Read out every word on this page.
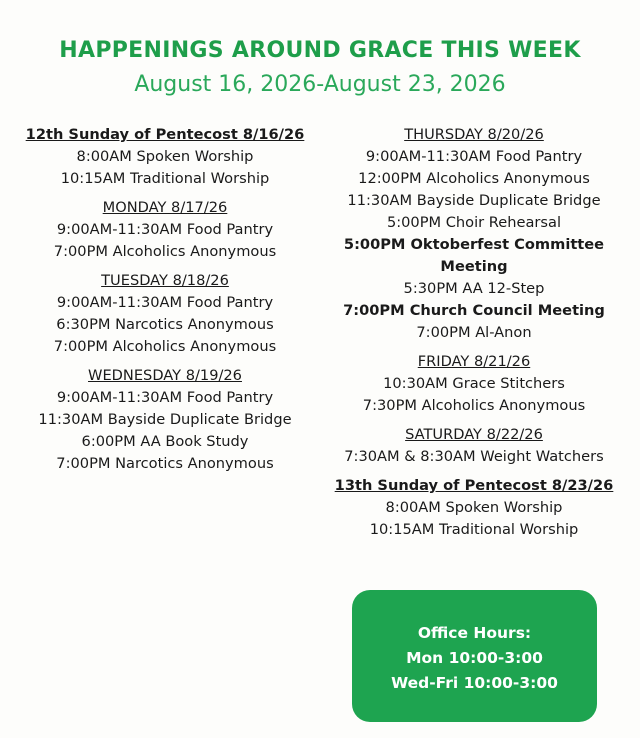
HAPPENINGS AROUND GRACE THIS WEEK
August 16, 2026-August 23, 2026
12th Sunday of Pentecost 8/16/26
8:00AM Spoken Worship
10:15AM Traditional Worship
MONDAY 8/17/26
9:00AM-11:30AM Food Pantry
7:00PM Alcoholics Anonymous
TUESDAY 8/18/26
9:00AM-11:30AM Food Pantry
6:30PM Narcotics Anonymous
7:00PM Alcoholics Anonymous
WEDNESDAY 8/19/26
9:00AM-11:30AM Food Pantry
11:30AM Bayside Duplicate Bridge
6:00PM AA Book Study
7:00PM Narcotics Anonymous
THURSDAY 8/20/26
9:00AM-11:30AM Food Pantry
12:00PM Alcoholics Anonymous
11:30AM Bayside Duplicate Bridge
5:00PM Choir Rehearsal
5:00PM Oktoberfest Committee Meeting
5:30PM AA 12-Step
7:00PM Church Council Meeting
7:00PM Al-Anon
FRIDAY 8/21/26
10:30AM Grace Stitchers
7:30PM Alcoholics Anonymous
SATURDAY 8/22/26
7:30AM & 8:30AM Weight Watchers
13th Sunday of Pentecost 8/23/26
8:00AM Spoken Worship
10:15AM Traditional Worship
Office Hours:
Mon 10:00-3:00
Wed-Fri 10:00-3:00
